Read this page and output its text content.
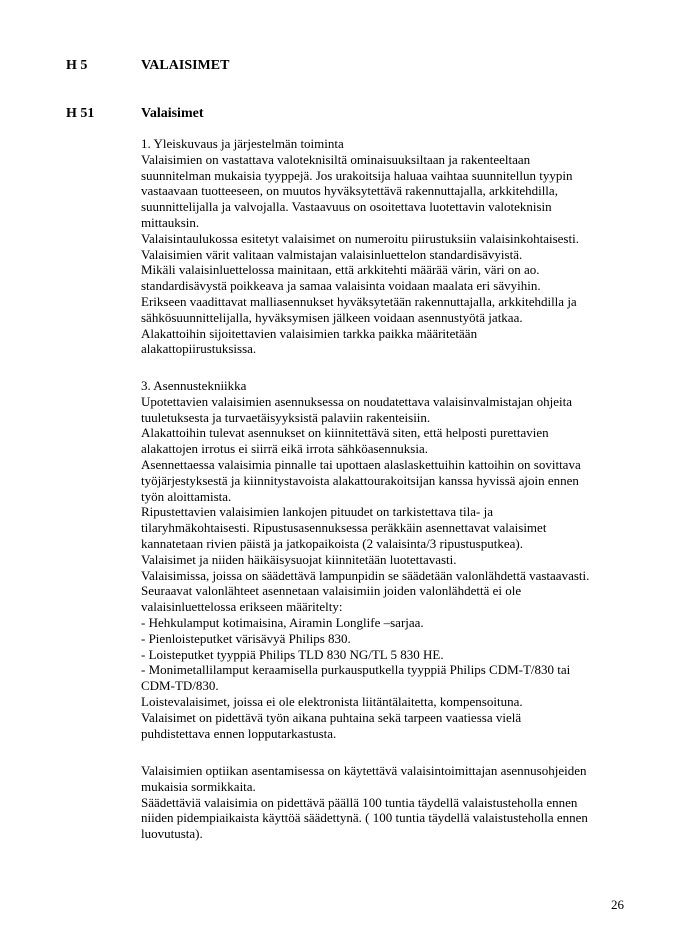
H 5	VALAISIMET
H 51	Valaisimet
1. Yleiskuvaus ja järjestelmän toiminta
Valaisimien on vastattava valoteknisiltä ominaisuuksiltaan ja rakenteeltaan
suunnitelman mukaisia tyyppejä. Jos urakoitsija haluaa vaihtaa suunnitellun tyypin
vastaavaan tuotteeseen, on muutos hyväksytettävä rakennuttajalla, arkkitehdilla,
suunnittelijalla ja valvojalla. Vastaavuus on osoitettava luotettavin valoteknisin
mittauksin.
Valaisintaulukossa esitetyt valaisimet on numeroitu piirustuksiin valaisinkohtaisesti.
Valaisimien värit valitaan valmistajan valaisinluettelon standardisävyistä.
Mikäli valaisinluettelossa mainitaan, että arkkitehti määrää värin, väri on ao.
standardisävystä poikkeava ja samaa valaisinta voidaan maalata eri sävyihin.
Erikseen vaadittavat malliasennukset hyväksytetään rakennuttajalla, arkkitehdilla ja
sähkösuunnittelijalla, hyväksymisen jälkeen voidaan asennustyötä jatkaa.
Alakattoihin sijoitettavien valaisimien tarkka paikka määritetään
alakattopiirustuksissa.
3. Asennustekniikka
Upotettavien valaisimien asennuksessa on noudatettava valaisinvalmistajan ohjeita
tuuletuksesta ja turvaetäisyyksistä palaviin rakenteisiin.
Alakattoihin tulevat asennukset on kiinnitettävä siten, että helposti purettavien
alakattojen irrotus ei siirrä eikä irrota sähköasennuksia.
Asennettaessa valaisimia pinnalle tai upottaen alaslaskettuihin kattoihin on sovittava
työjärjestyksestä ja kiinnitystavoista alakattourakoitsijan kanssa hyvissä ajoin ennen
työn aloittamista.
Ripustettavien valaisimien lankojen pituudet on tarkistettava tila- ja
tilaryhmäkohtaisesti. Ripustusasennuksessa peräkkäin asennettavat valaisimet
kannatetaan rivien päistä ja jatkopaikoista (2 valaisinta/3 ripustusputkea).
Valaisimet ja niiden häikäisysuojat kiinnitetään luotettavasti.
Valaisimissa, joissa on säädettävä lampunpidin se säädetään valonlähdettä vastaavasti.
Seuraavat valonlähteet asennetaan valaisimiin joiden valonlähdettä ei ole
valaisinluettelossa erikseen määritelty:
- Hehkulamput kotimaisina, Airamin Longlife –sarjaa.
- Pienloisteputket värisävyä Philips 830.
- Loisteputket tyyppiä Philips TLD 830 NG/TL 5 830 HE.
- Monimetallilamput keraamisella purkausputkella tyyppiä Philips CDM-T/830 tai
CDM-TD/830.
Loistevalaisimet, joissa ei ole elektronista liitäntälaitetta, kompensoituna.
Valaisimet on pidettävä työn aikana puhtaina sekä tarpeen vaatiessa vielä
puhdistettava ennen lopputarkastusta.
Valaisimien optiikan asentamisessa on käytettävä valaisintoimittajan asennusohjeiden
mukaisia sormikkaita.
Säädettäviä valaisimia on pidettävä päällä 100 tuntia täydellä valaistusteholla ennen
niiden pidempiaikaista käyttöä säädettynä. ( 100 tuntia täydellä valaistusteholla ennen
luovutusta).
26
